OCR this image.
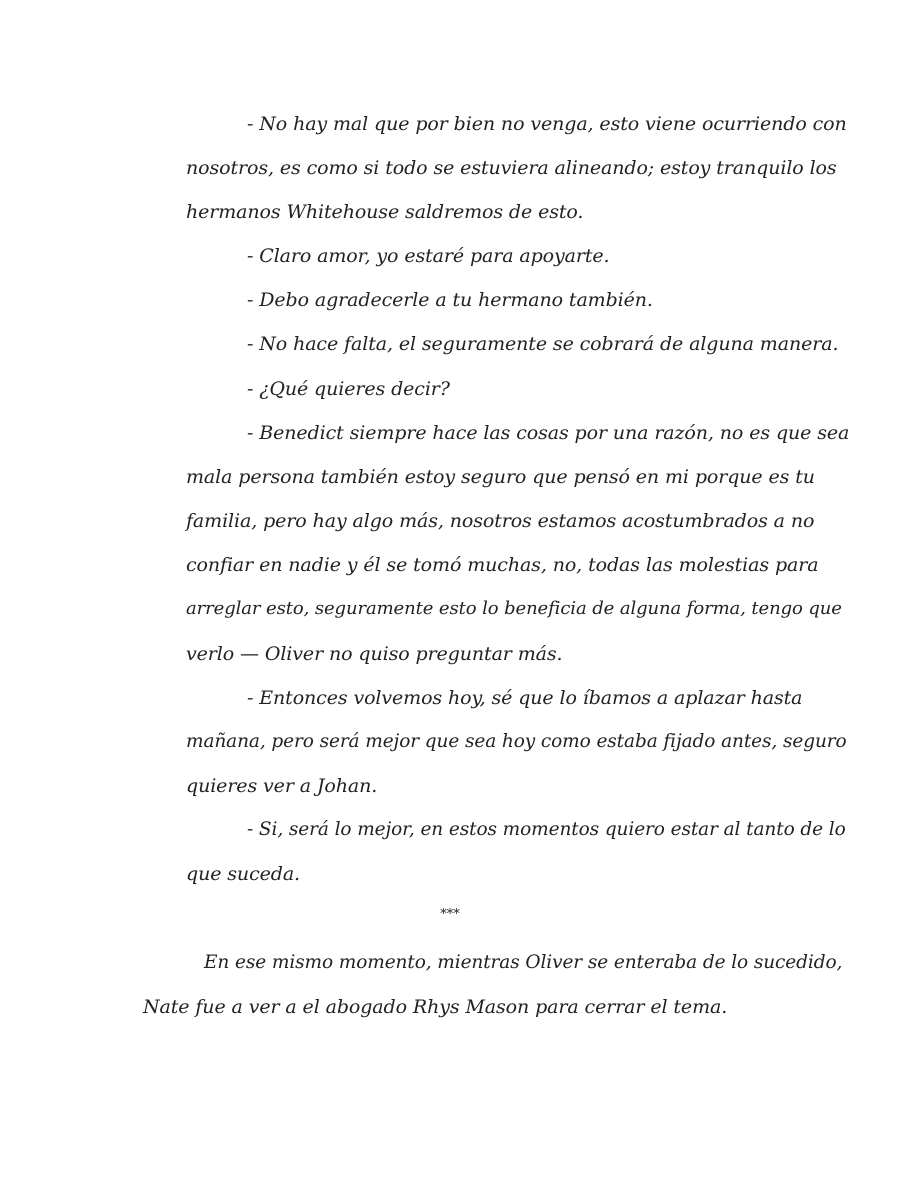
- No hay mal que por bien no venga, esto viene ocurriendo con
nosotros, es como si todo se estuviera alineando; estoy tranquilo los
hermanos Whitehouse saldremos de esto.
- Claro amor, yo estaré para apoyarte.
- Debo agradecerle a tu hermano también.
- No hace falta, el seguramente se cobrará de alguna manera.
- ¿Qué quieres decir?
- Benedict siempre hace las cosas por una razón, no es que sea
mala persona también estoy seguro que pensó en mi porque es tu
familia, pero hay algo más, nosotros estamos acostumbrados a no
confiar en nadie y él se tomó muchas, no, todas las molestias para
arreglar esto, seguramente esto lo beneficia de alguna forma, tengo que
verlo — Oliver no quiso preguntar más.
- Entonces volvemos hoy, sé que lo íbamos a aplazar hasta
mañana, pero será mejor que sea hoy como estaba fijado antes, seguro
quieres ver a Johan.
- Si, será lo mejor, en estos momentos quiero estar al tanto de lo
que suceda.
***
En ese mismo momento, mientras Oliver se enteraba de lo sucedido,
Nate fue a ver a el abogado Rhys Mason para cerrar el tema.
